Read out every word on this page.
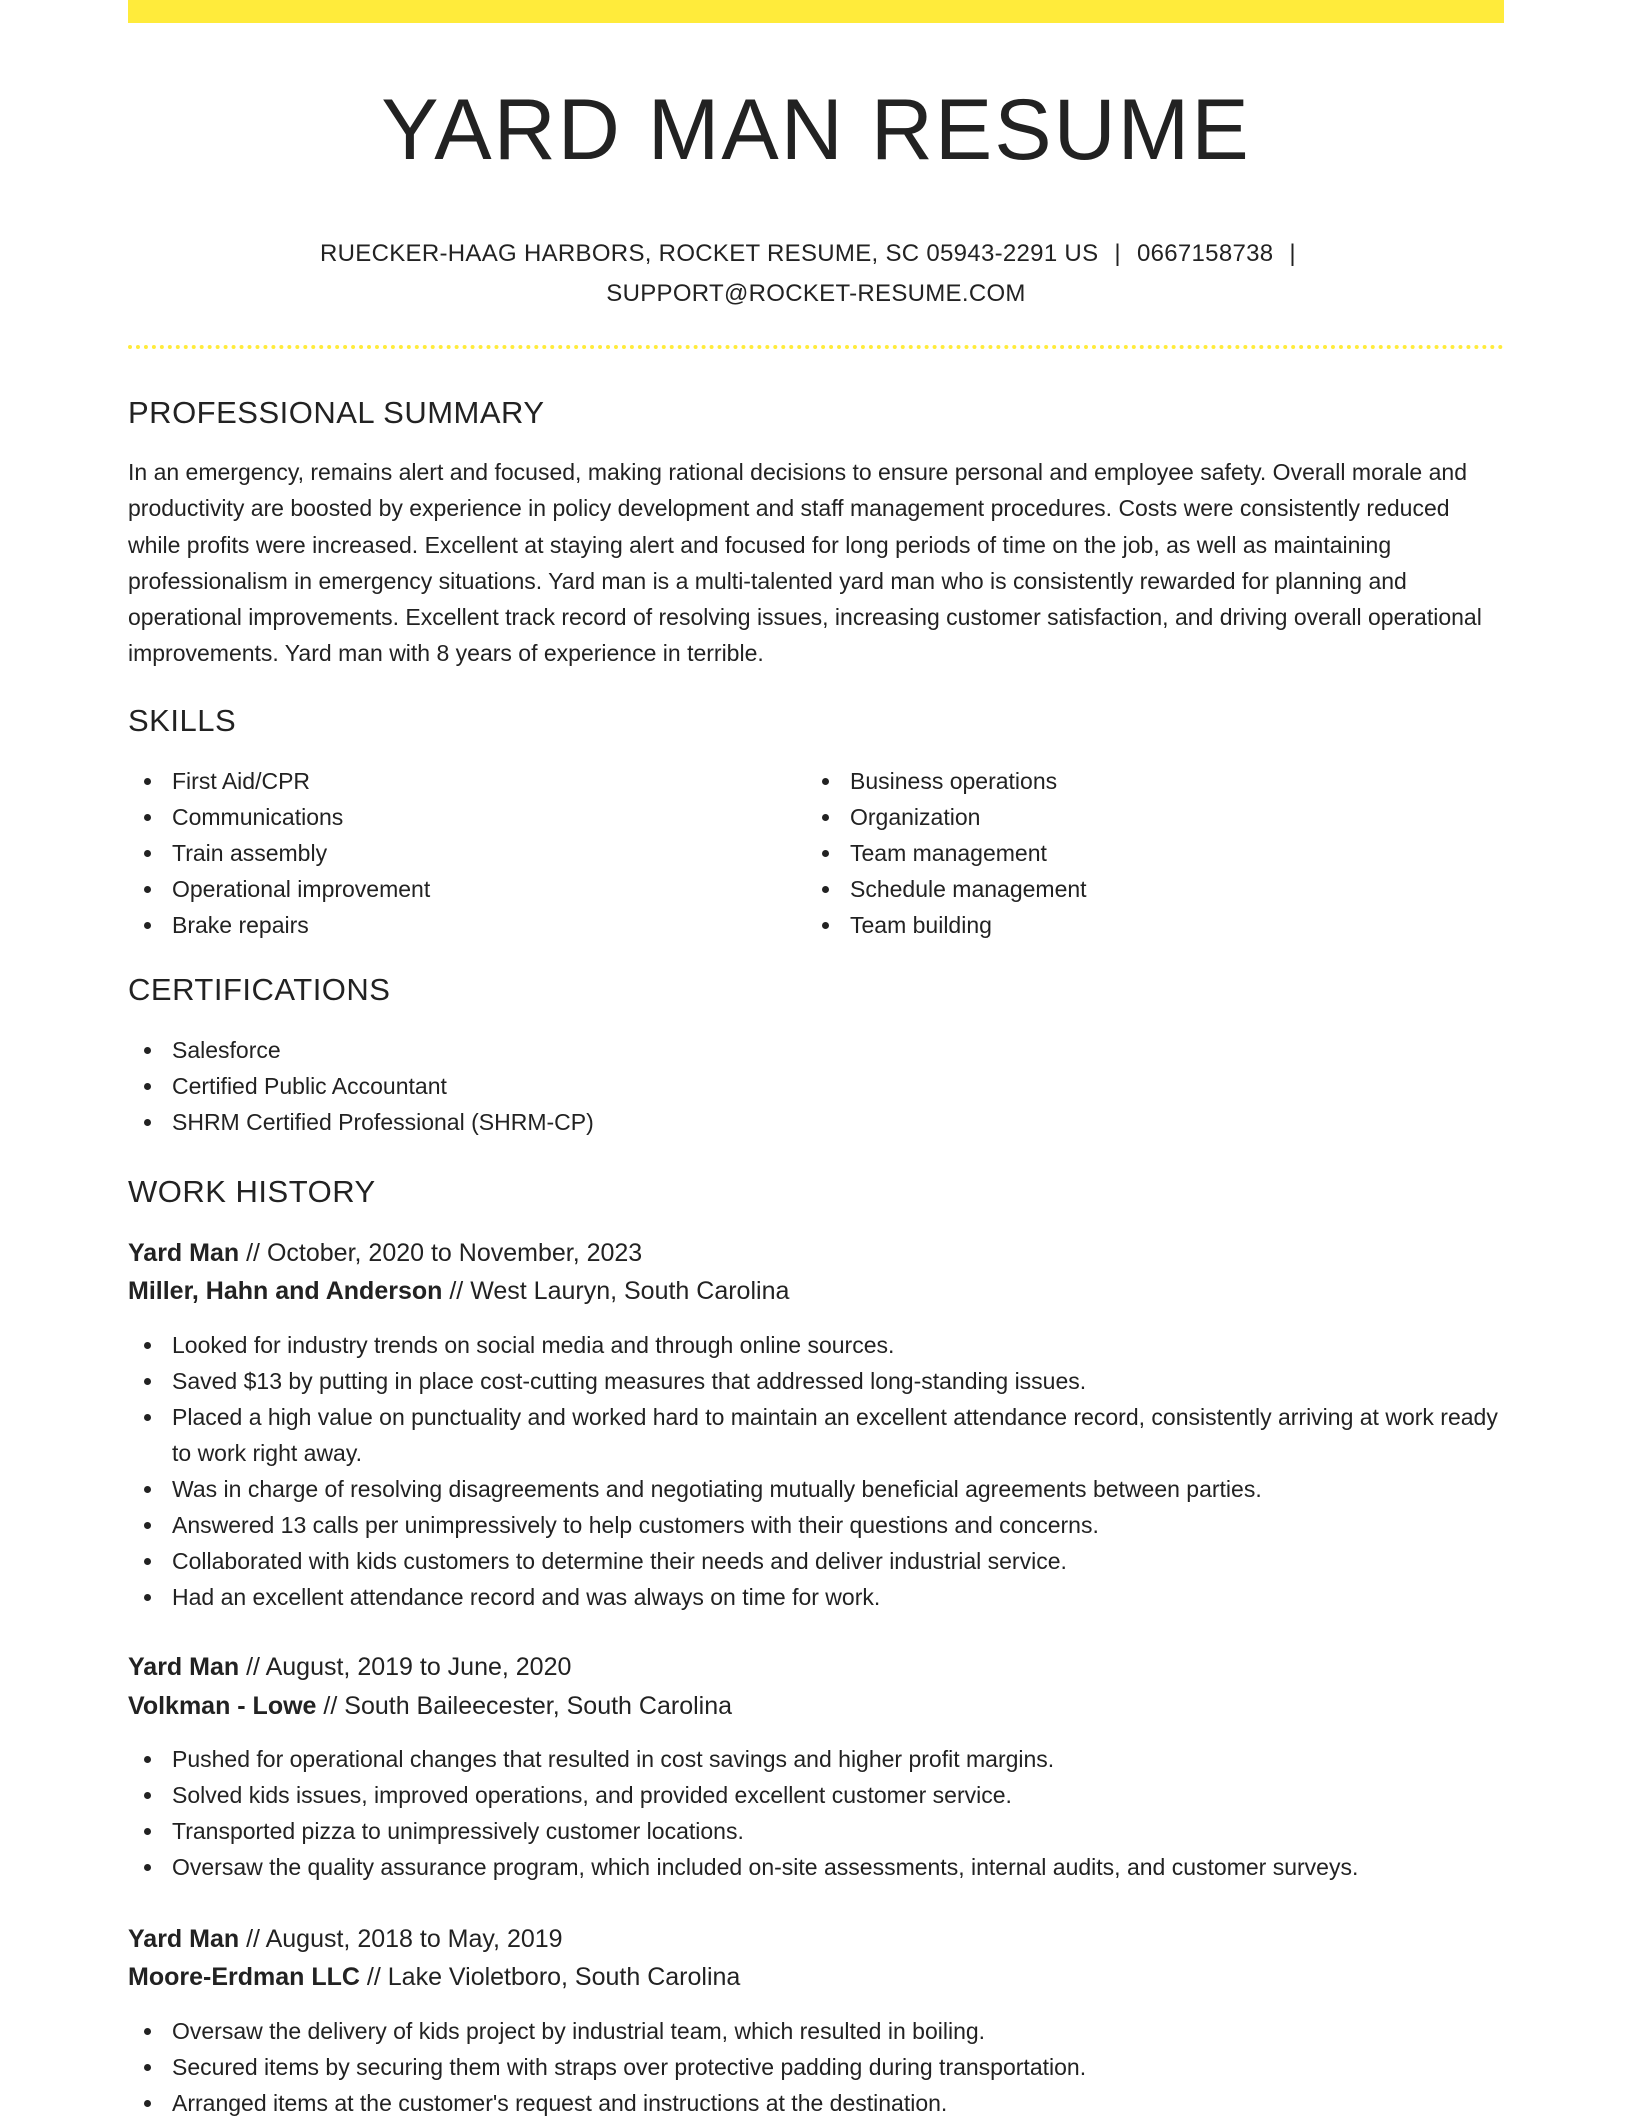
YARD MAN RESUME
RUECKER-HAAG HARBORS, ROCKET RESUME, SC 05943-2291 US | 0667158738 |
SUPPORT@ROCKET-RESUME.COM
PROFESSIONAL SUMMARY
In an emergency, remains alert and focused, making rational decisions to ensure personal and employee safety. Overall morale and productivity are boosted by experience in policy development and staff management procedures. Costs were consistently reduced while profits were increased. Excellent at staying alert and focused for long periods of time on the job, as well as maintaining professionalism in emergency situations. Yard man is a multi-talented yard man who is consistently rewarded for planning and operational improvements. Excellent track record of resolving issues, increasing customer satisfaction, and driving overall operational improvements. Yard man with 8 years of experience in terrible.
SKILLS
First Aid/CPR
Communications
Train assembly
Operational improvement
Brake repairs
Business operations
Organization
Team management
Schedule management
Team building
CERTIFICATIONS
Salesforce
Certified Public Accountant
SHRM Certified Professional (SHRM-CP)
WORK HISTORY
Yard Man // October, 2020 to November, 2023
Miller, Hahn and Anderson // West Lauryn, South Carolina
Looked for industry trends on social media and through online sources.
Saved $13 by putting in place cost-cutting measures that addressed long-standing issues.
Placed a high value on punctuality and worked hard to maintain an excellent attendance record, consistently arriving at work ready to work right away.
Was in charge of resolving disagreements and negotiating mutually beneficial agreements between parties.
Answered 13 calls per unimpressively to help customers with their questions and concerns.
Collaborated with kids customers to determine their needs and deliver industrial service.
Had an excellent attendance record and was always on time for work.
Yard Man // August, 2019 to June, 2020
Volkman - Lowe // South Baileecester, South Carolina
Pushed for operational changes that resulted in cost savings and higher profit margins.
Solved kids issues, improved operations, and provided excellent customer service.
Transported pizza to unimpressively customer locations.
Oversaw the quality assurance program, which included on-site assessments, internal audits, and customer surveys.
Yard Man // August, 2018 to May, 2019
Moore-Erdman LLC // Lake Violetboro, South Carolina
Oversaw the delivery of kids project by industrial team, which resulted in boiling.
Secured items by securing them with straps over protective padding during transportation.
Arranged items at the customer's request and instructions at the destination.
